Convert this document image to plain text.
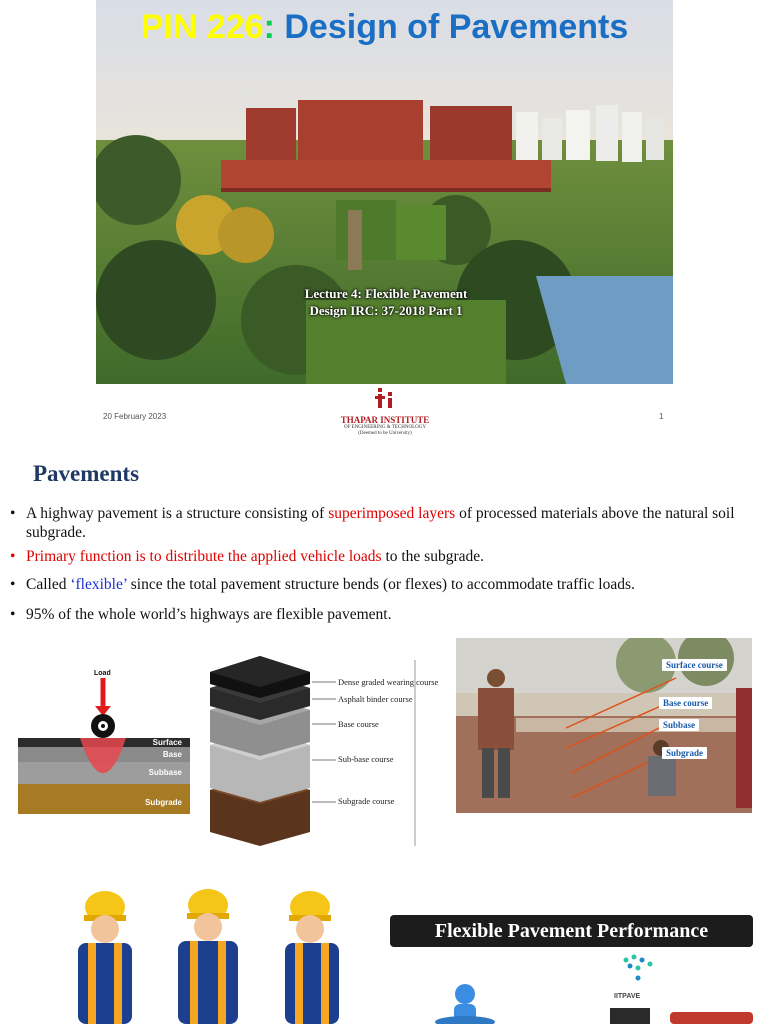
PIN 226: Design of Pavements
Lecture 4: Flexible Pavement
Design IRC: 37-2018 Part 1
20 February 2023	THAPAR INSTITUTE
OF ENGINEERING & TECHNOLOGY
(Deemed to be University)
1
Pavements
• A highway pavement is a structure consisting of superimposed layers of processed materials above the natural soil subgrade.
• Primary function is to distribute the applied vehicle loads to the subgrade.
• Called ‘flexible’ since the total pavement structure bends (or flexes) to accommodate traffic loads.
• 95% of the whole world’s highways are flexible pavement.
Load
Surface
Base
Subbase
Subgrade
Dense graded wearing course
Asphalt binder course
Base course
Sub-base course
Subgrade course
Surface course
Base course
Subbase
Subgrade
Flexible Pavement Performance
IITPAVE
